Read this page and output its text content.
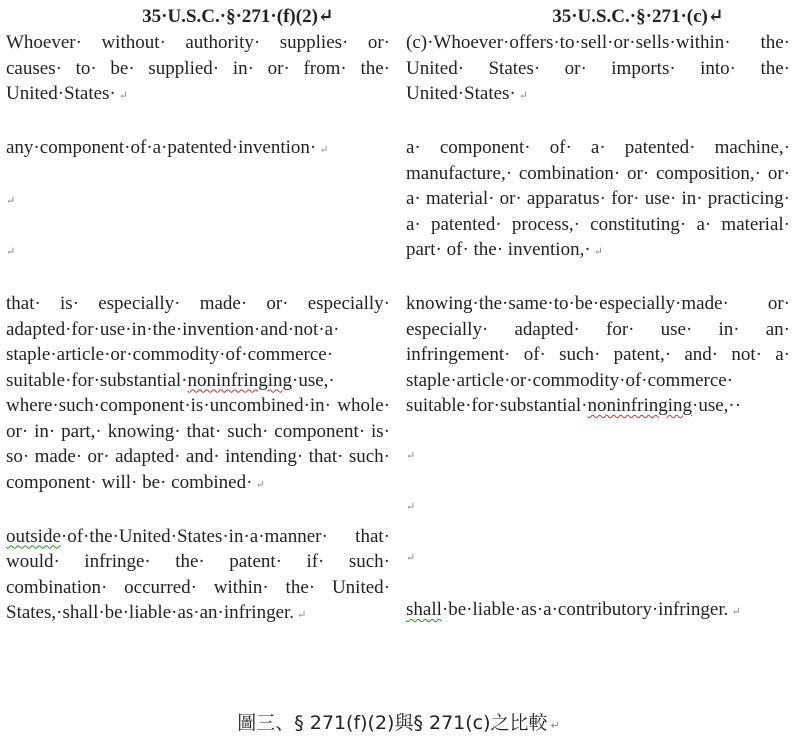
35·U.S.C.·§·271·(f)(2)↵

Whoever· without· authority· supplies· or· causes· to· be· supplied· in· or· from· the· United·States· ↵

any·component·of·a·patented·invention· ↵

↵
↵

that· is· especially· made· or· especially· adapted·for·use·in·the·invention·and·not·a· staple·article·or·commodity·of·commerce· suitable·for·substantial·noninfringing·use,· where·such·component·is·uncombined·in· whole· or· in· part,· knowing· that· such· component· is· so· made· or· adapted· and· intending· that· such· component· will· be· combined· ↵

outside·of·the·United·States·in·a·manner· that· would· infringe· the· patent· if· such· combination· occurred· within· the· United· States,·shall·be·liable·as·an·infringer. ↵

35·U.S.C.·§·271·(c)↵

(c)·Whoever·offers·to·sell·or·sells·within· the· United· States· or· imports· into· the· United·States· ↵

a· component· of· a· patented· machine,· manufacture,· combination· or· composition,· or· a· material· or· apparatus· for· use· in· practicing· a· patented· process,· constituting· a· material· part· of· the· invention,· ↵

knowing·the·same·to·be·especially·made· or· especially· adapted· for· use· in· an· infringement· of· such· patent,· and· not· a· staple·article·or·commodity·of·commerce· suitable·for·substantial·noninfringing·use,··

↵
↵
↵

shall·be·liable·as·a·contributory·infringer. ↵

圖三、§ 271(f)(2)與§ 271(c)之比較 ↵
